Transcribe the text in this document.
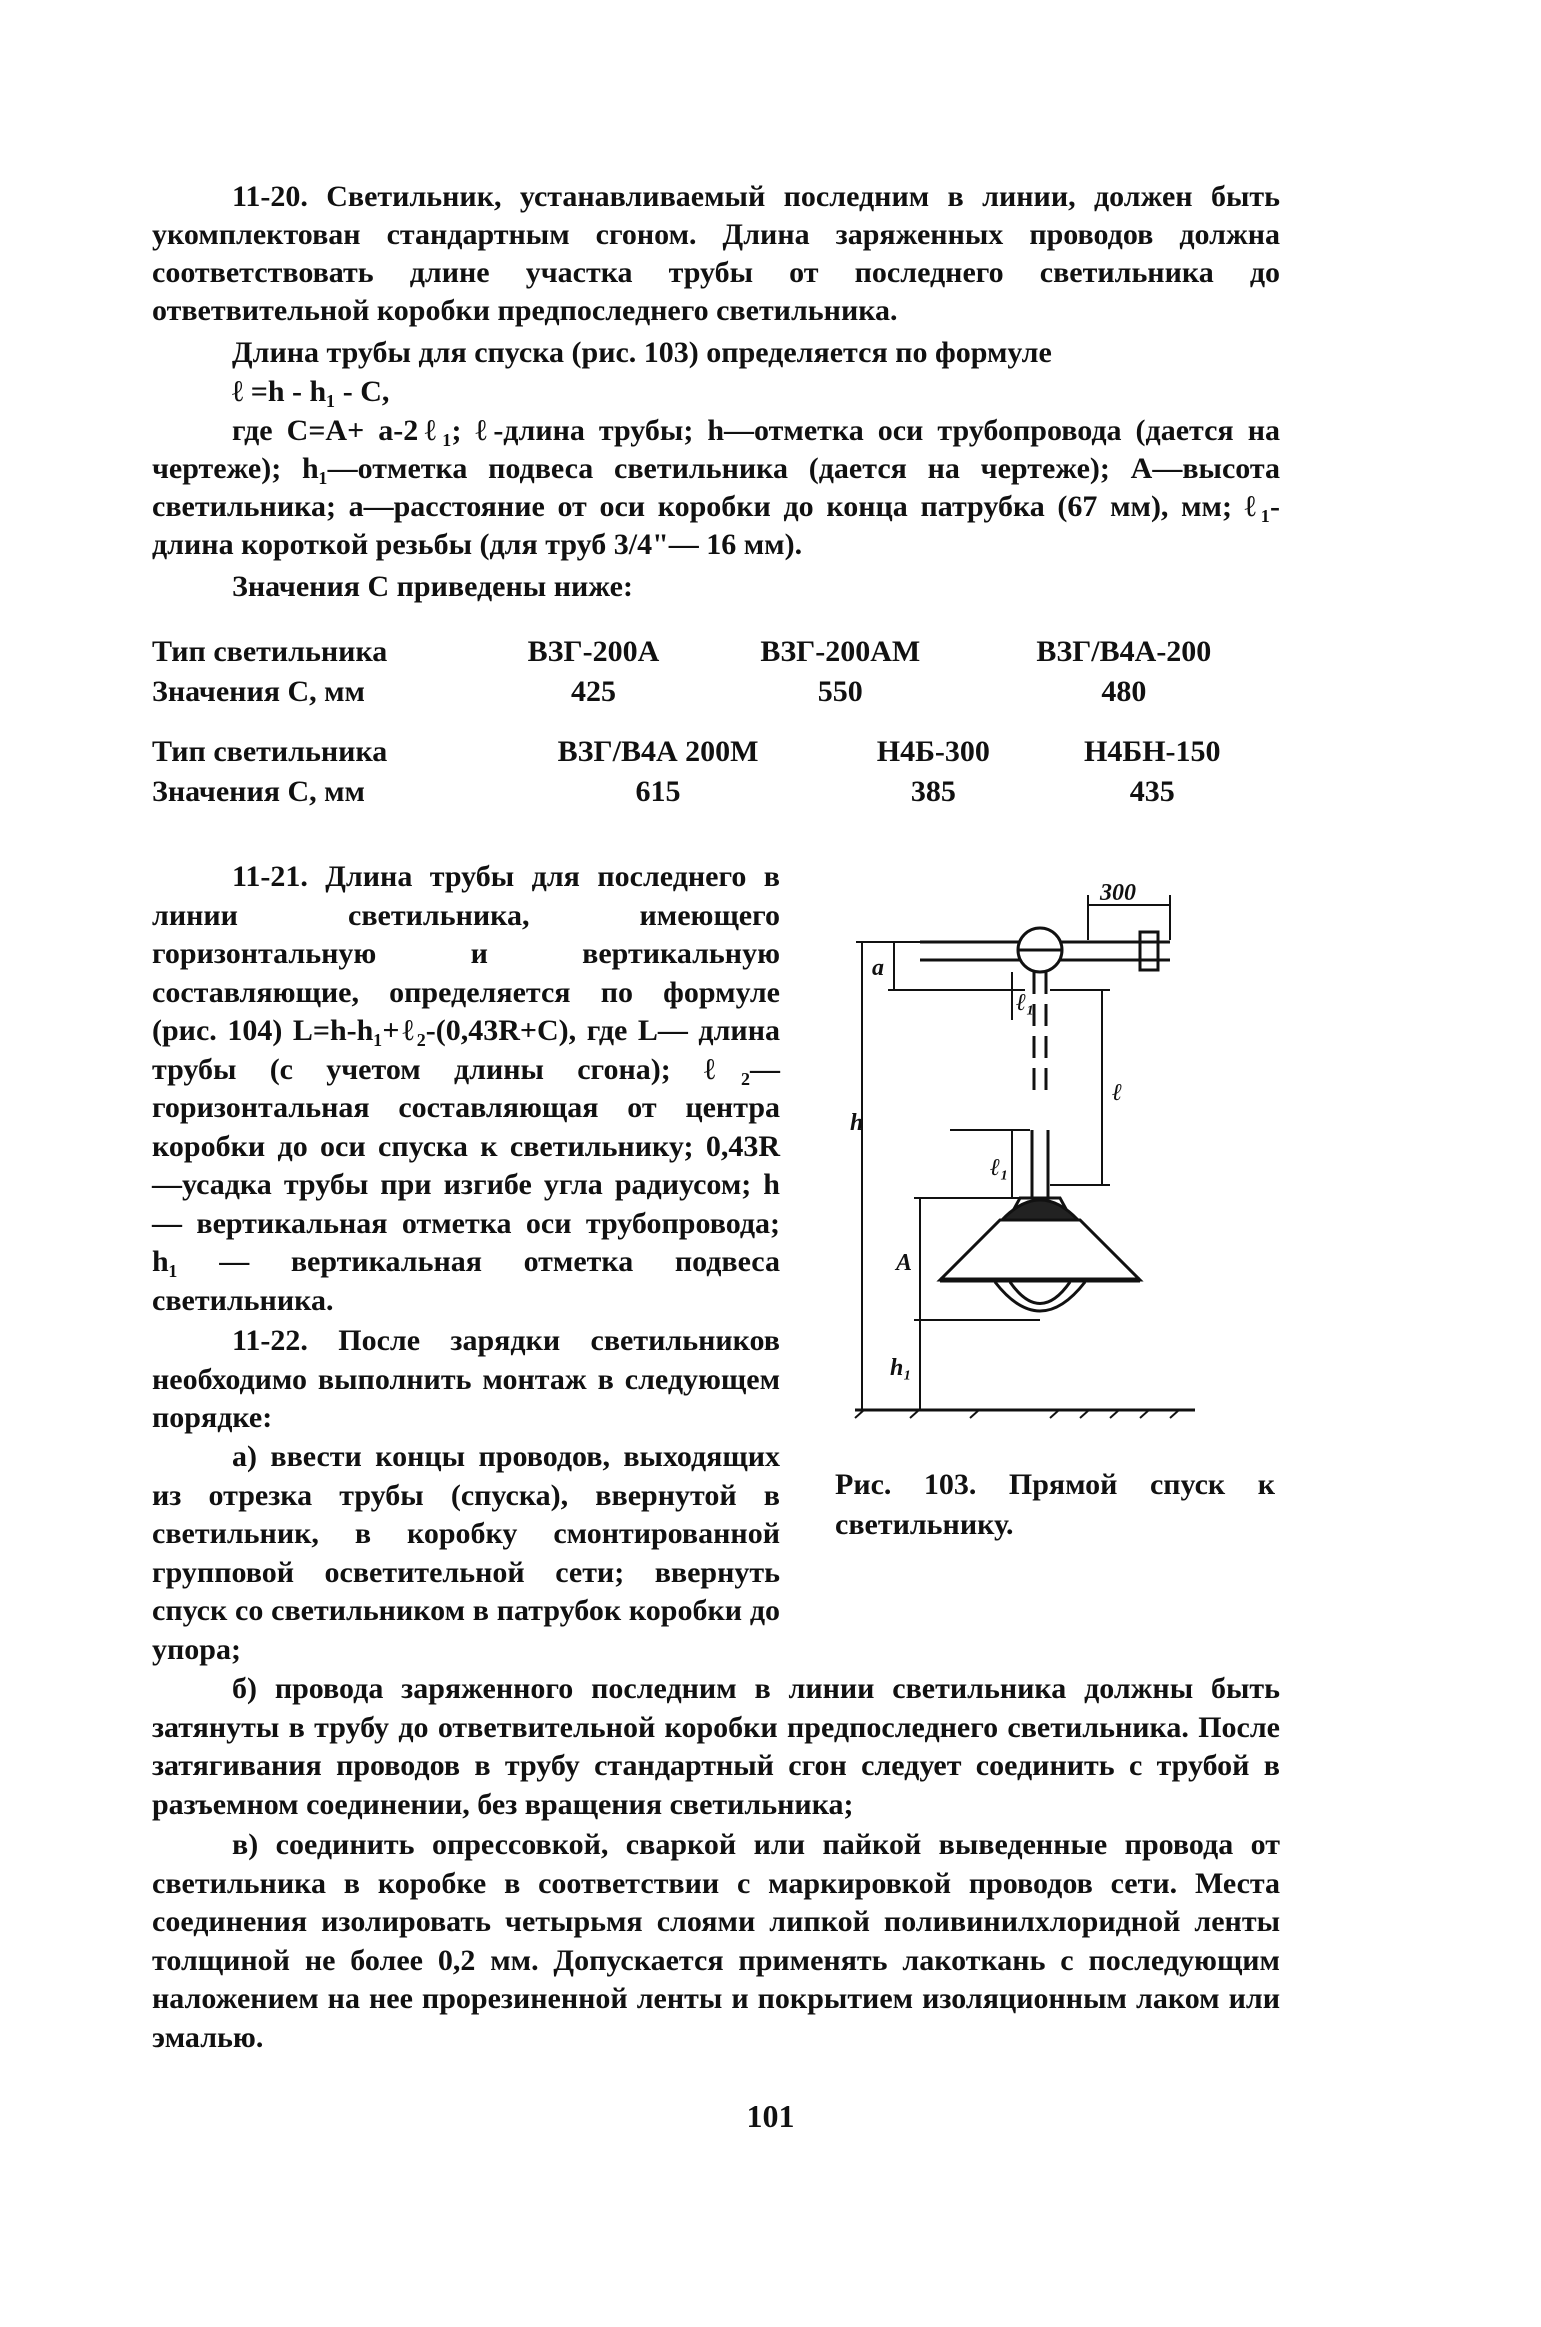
11-20. Светильник, устанавливаемый последним в линии, должен быть укомплектован стандартным сгоном. Длина заряженных проводов должна соответствовать длине участка трубы от последнего светильника до ответвительной коробки предпоследнего светильника.

Длина трубы для спуска (рис. 103) определяется по формуле

ℓ =h - h₁ - C,

где C=A+ a-2ℓ₁; ℓ-длина трубы; h—отметка оси трубопровода (дается на чертеже); h₁—отметка подвеса светильника (дается на чертеже); A—высота светильника; а—расстояние от оси коробки до конца патрубка (67 мм), мм; ℓ₁-длина короткой резьбы (для труб 3/4"— 16 мм).

Значения C приведены ниже:

Тип светильника	ВЗГ-200А	ВЗГ-200АМ	ВЗГ/В4А-200
Значения C, мм	425	550	480
Тип светильника	ВЗГ/В4А 200М	Н4Б-300	Н4БН-150
Значения C, мм	615	385	435

11-21. Длина трубы для последнего в линии светильника, имеющего горизонтальную и вертикальную составляющие, определяется по формуле (рис. 104) L=h-h₁+ℓ₂-(0,43R+C), где L— длина трубы (с учетом длины сгона); ℓ₂—горизонтальная составляющая от центра коробки до оси спуска к светильнику; 0,43R—усадка трубы при изгибе угла радиусом; h— вертикальная отметка оси трубопровода; h₁ — вертикальная отметка подвеса светильника.

11-22. После зарядки светильников необходимо выполнить монтаж в следующем порядке:

а) ввести концы проводов, выходящих из отрезка трубы (спуска), ввернутой в светильник, в коробку смонтированной групповой осветительной сети; ввернуть спуск со светильником в патрубок коробки до упора;

б) провода заряженного последним в линии светильника должны быть затянуты в трубу до ответвительной коробки предпоследнего светильника. После затягивания проводов в трубу стандартный сгон следует соединить с трубой в разъемном соединении, без вращения светильника;

в) соединить опрессовкой, сваркой или пайкой выведенные провода от светильника в коробке в соответствии с маркировкой проводов сети. Места соединения изолировать четырьмя слоями липкой поливинилхлоридной ленты толщиной не более 0,2 мм. Допускается применять лакоткань с последующим наложением на нее прорезиненной ленты и покрытием изоляционным лаком или эмалью.

300
a
ℓ₁
ℓ
ℓ₁
h
A
h₁
Рис. 103. Прямой спуск к светильнику.
101
